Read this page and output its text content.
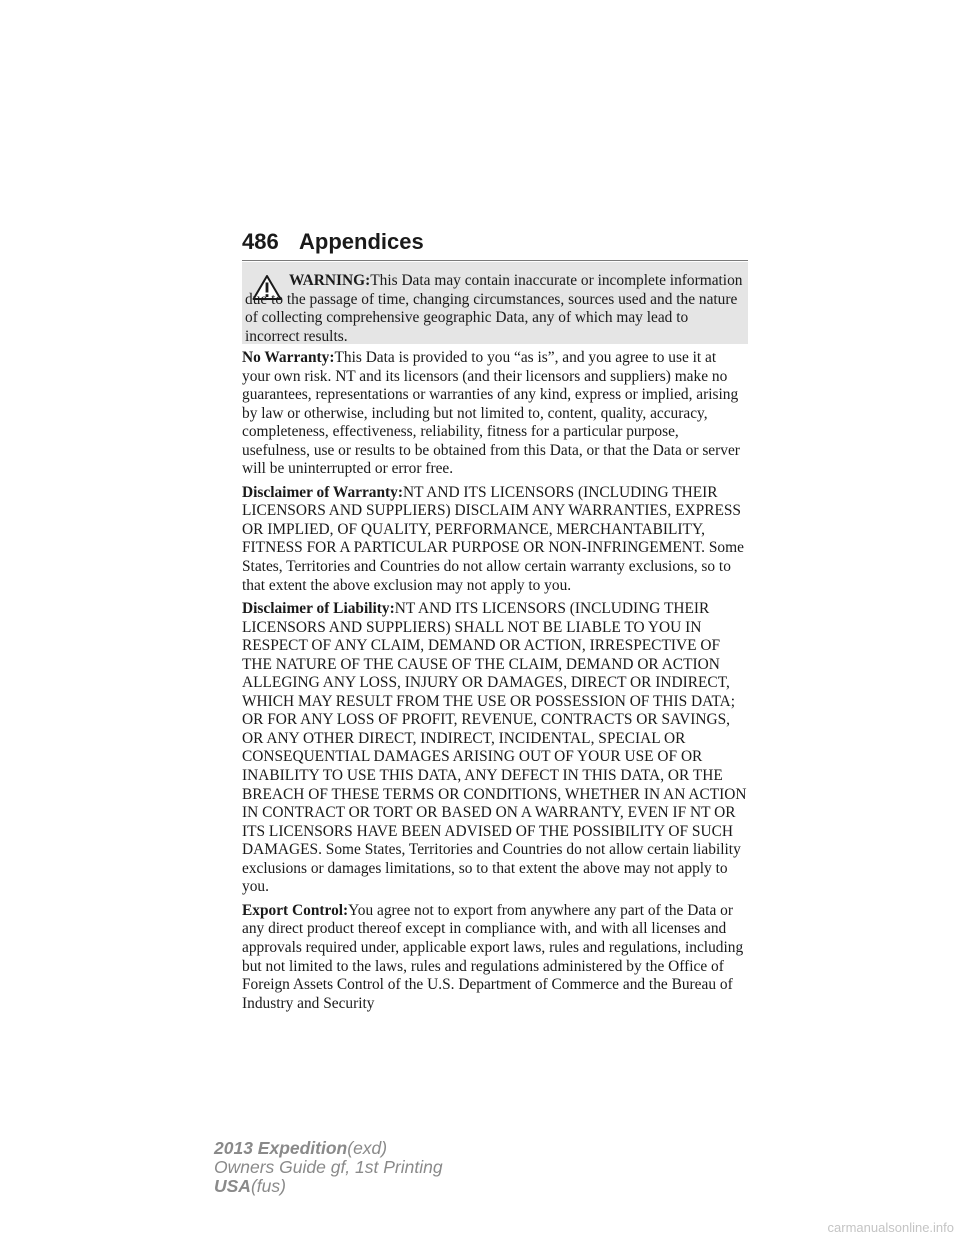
486 Appendices

WARNING:This Data may contain inaccurate or incomplete information due to the passage of time, changing circumstances, sources used and the nature of collecting comprehensive geographic Data, any of which may lead to incorrect results.

No Warranty:This Data is provided to you “as is”, and you agree to use it at your own risk. NT and its licensors (and their licensors and suppliers) make no guarantees, representations or warranties of any kind, express or implied, arising by law or otherwise, including but not limited to, content, quality, accuracy, completeness, effectiveness, reliability, fitness for a particular purpose, usefulness, use or results to be obtained from this Data, or that the Data or server will be uninterrupted or error free.

Disclaimer of Warranty:NT AND ITS LICENSORS (INCLUDING THEIR LICENSORS AND SUPPLIERS) DISCLAIM ANY WARRANTIES, EXPRESS OR IMPLIED, OF QUALITY, PERFORMANCE, MERCHANTABILITY, FITNESS FOR A PARTICULAR PURPOSE OR NON-INFRINGEMENT. Some States, Territories and Countries do not allow certain warranty exclusions, so to that extent the above exclusion may not apply to you.

Disclaimer of Liability:NT AND ITS LICENSORS (INCLUDING THEIR LICENSORS AND SUPPLIERS) SHALL NOT BE LIABLE TO YOU IN RESPECT OF ANY CLAIM, DEMAND OR ACTION, IRRESPECTIVE OF THE NATURE OF THE CAUSE OF THE CLAIM, DEMAND OR ACTION ALLEGING ANY LOSS, INJURY OR DAMAGES, DIRECT OR INDIRECT, WHICH MAY RESULT FROM THE USE OR POSSESSION OF THIS DATA; OR FOR ANY LOSS OF PROFIT, REVENUE, CONTRACTS OR SAVINGS, OR ANY OTHER DIRECT, INDIRECT, INCIDENTAL, SPECIAL OR CONSEQUENTIAL DAMAGES ARISING OUT OF YOUR USE OF OR INABILITY TO USE THIS DATA, ANY DEFECT IN THIS DATA, OR THE BREACH OF THESE TERMS OR CONDITIONS, WHETHER IN AN ACTION IN CONTRACT OR TORT OR BASED ON A WARRANTY, EVEN IF NT OR ITS LICENSORS HAVE BEEN ADVISED OF THE POSSIBILITY OF SUCH DAMAGES. Some States, Territories and Countries do not allow certain liability exclusions or damages limitations, so to that extent the above may not apply to you.

Export Control:You agree not to export from anywhere any part of the Data or any direct product thereof except in compliance with, and with all licenses and approvals required under, applicable export laws, rules and regulations, including but not limited to the laws, rules and regulations administered by the Office of Foreign Assets Control of the U.S. Department of Commerce and the Bureau of Industry and Security

2013 Expedition(exd)
Owners Guide gf, 1st Printing
USA(fus)
carmanualsonline.info
